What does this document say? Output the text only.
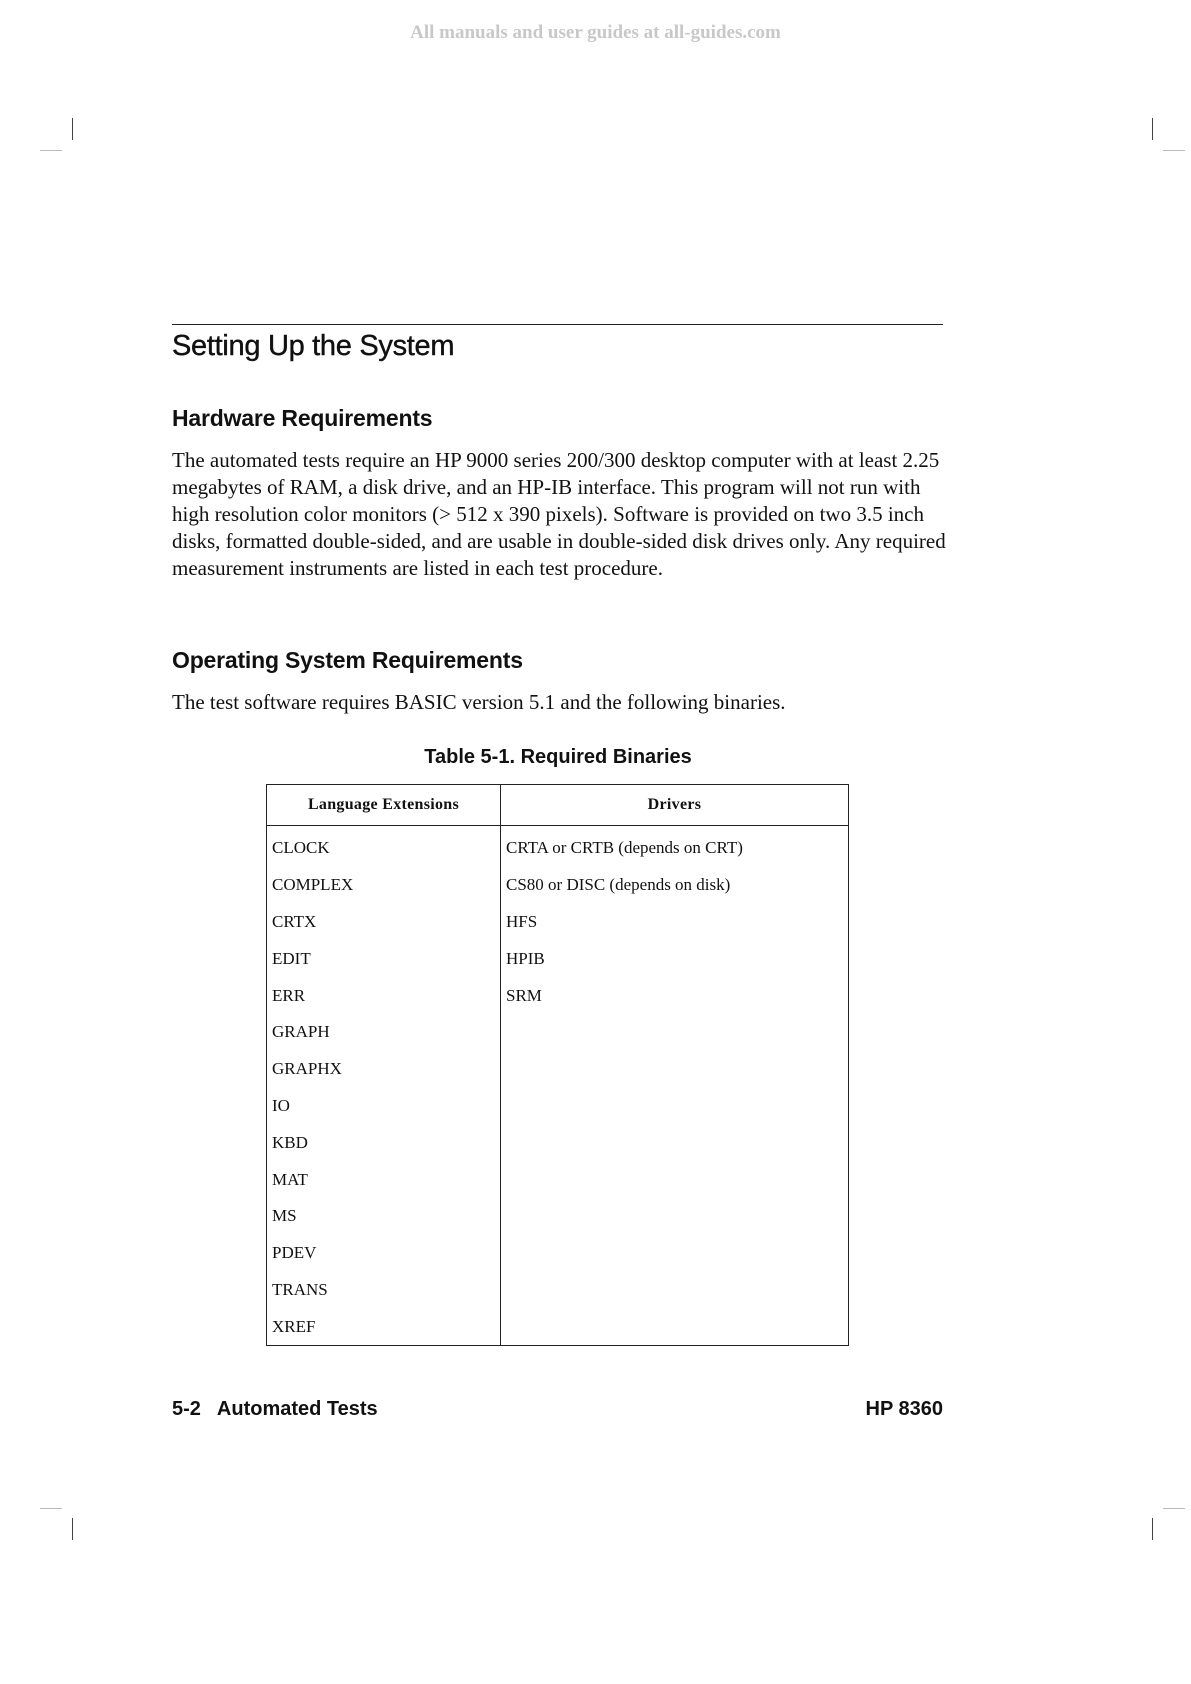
All manuals and user guides at all-guides.com
Setting Up the System
Hardware Requirements

The automated tests require an HP 9000 series 200/300 desktop computer with at least 2.25 megabytes of RAM, a disk drive, and an HP-IB interface. This program will not run with high resolution color monitors (> 512 x 390 pixels). Software is provided on two 3.5 inch disks, formatted double-sided, and are usable in double-sided disk drives only. Any required measurement instruments are listed in each test procedure.

Operating System Requirements

The test software requires BASIC version 5.1 and the following binaries.

Table 5-1. Required Binaries
Language Extensions	Drivers
CLOCK	CRTA or CRTB (depends on CRT)
COMPLEX	CS80 or DISC (depends on disk)
CRTX	HFS
EDIT	HPIB
ERR	SRM
GRAPH	
GRAPHX	
IO	
KBD	
MAT	
MS	
PDEV	
TRANS	
XREF	
5-2 Automated Tests	HP 8360
